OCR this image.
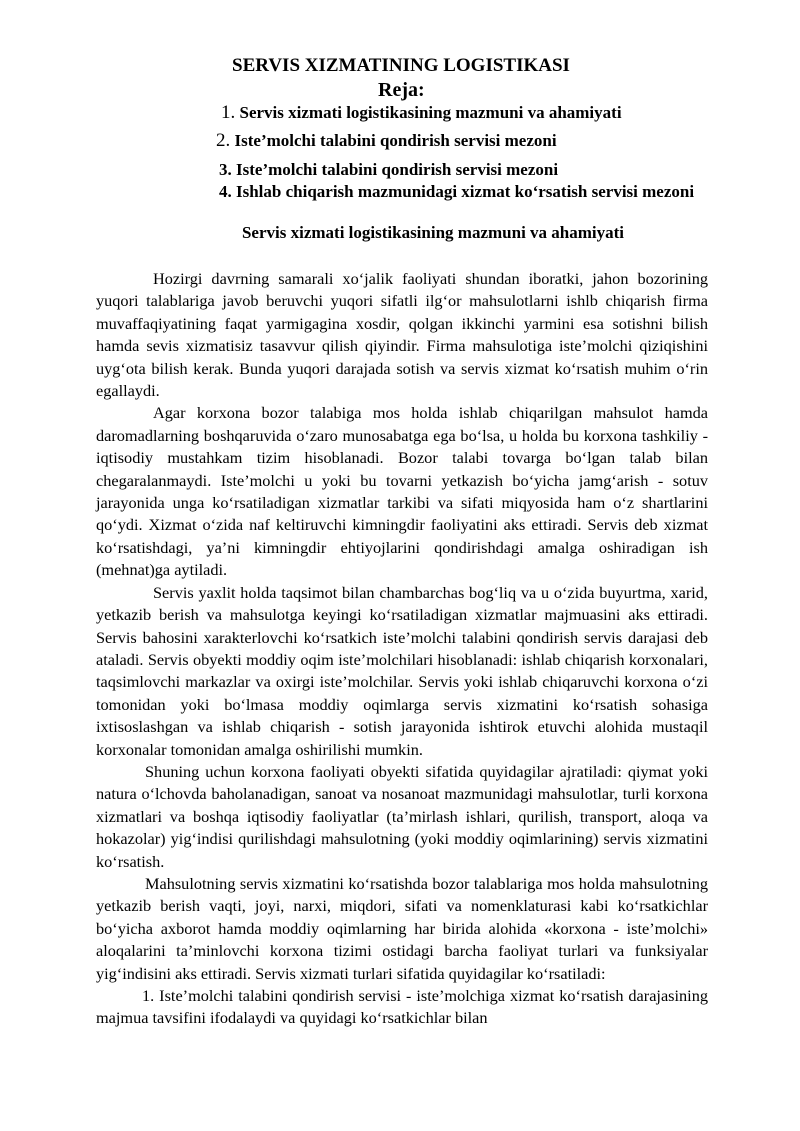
SERVIS XIZMATINING LOGISTIKASI
Reja:
1. Servis xizmati logistikasining mazmuni va ahamiyati
2. Iste’molchi talabini qondirish servisi mezoni
3. Iste’molchi talabini qondirish servisi mezoni
4. Ishlab chiqarish mazmunidagi xizmat ko‘rsatish servisi mezoni
Servis xizmati logistikasining mazmuni va ahamiyati

Hozirgi davrning samarali xo‘jalik faoliyati shundan iboratki, jahon bozorining yuqori talablariga javob beruvchi yuqori sifatli ilg‘or mahsulotlarni ishlb chiqarish firma muvaffaqiyatining faqat yarmigagina xosdir, qolgan ikkinchi yarmini esa sotishni bilish hamda sevis xizmatisiz tasavvur qilish qiyindir. Firma mahsulotiga iste’molchi qiziqishini uyg‘ota bilish kerak. Bunda yuqori darajada sotish va servis xizmat ko‘rsatish muhim o‘rin egallaydi.

Agar korxona bozor talabiga mos holda ishlab chiqarilgan mahsulot hamda daromadlarning boshqaruvida o‘zaro munosabatga ega bo‘lsa, u holda bu korxona tashkiliy - iqtisodiy mustahkam tizim hisoblanadi. Bozor talabi tovarga bo‘lgan talab bilan chegaralanmaydi. Iste’molchi u yoki bu tovarni yetkazish bo‘yicha jamg‘arish - sotuv jarayonida unga ko‘rsatiladigan xizmatlar tarkibi va sifati miqyosida ham o‘z shartlarini qo‘ydi. Xizmat o‘zida naf keltiruvchi kimningdir faoliyatini aks ettiradi. Servis deb xizmat ko‘rsatishdagi, ya’ni kimningdir ehtiyojlarini qondirishdagi amalga oshiradigan ish (mehnat)ga aytiladi.

Servis yaxlit holda taqsimot bilan chambarchas bog‘liq va u o‘zida buyurtma, xarid, yetkazib berish va mahsulotga keyingi ko‘rsatiladigan xizmatlar majmuasini aks ettiradi. Servis bahosini xarakterlovchi ko‘rsatkich iste’molchi talabini qondirish servis darajasi deb ataladi. Servis obyekti moddiy oqim iste’molchilari hisoblanadi: ishlab chiqarish korxonalari, taqsimlovchi markazlar va oxirgi iste’molchilar. Servis yoki ishlab chiqaruvchi korxona o‘zi tomonidan yoki bo‘lmasa moddiy oqimlarga servis xizmatini ko‘rsatish sohasiga ixtisoslashgan va ishlab chiqarish - sotish jarayonida ishtirok etuvchi alohida mustaqil korxonalar tomonidan amalga oshirilishi mumkin.

Shuning uchun korxona faoliyati obyekti sifatida quyidagilar ajratiladi: qiymat yoki natura o‘lchovda baholanadigan, sanoat va nosanoat mazmunidagi mahsulotlar, turli korxona xizmatlari va boshqa iqtisodiy faoliyatlar (ta’mirlash ishlari, qurilish, transport, aloqa va hokazolar) yig‘indisi qurilishdagi mahsulotning (yoki moddiy oqimlarining) servis xizmatini ko‘rsatish.

Mahsulotning servis xizmatini ko‘rsatishda bozor talablariga mos holda mahsulotning yetkazib berish vaqti, joyi, narxi, miqdori, sifati va nomenklaturasi kabi ko‘rsatkichlar bo‘yicha axborot hamda moddiy oqimlarning har birida alohida «korxona - iste’molchi» aloqalarini ta’minlovchi korxona tizimi ostidagi barcha faoliyat turlari va funksiyalar yig‘indisini aks ettiradi. Servis xizmati turlari sifatida quyidagilar ko‘rsatiladi:

1. Iste’molchi talabini qondirish servisi - iste’molchiga xizmat ko‘rsatish darajasining majmua tavsifini ifodalaydi va quyidagi ko‘rsatkichlar bilan
